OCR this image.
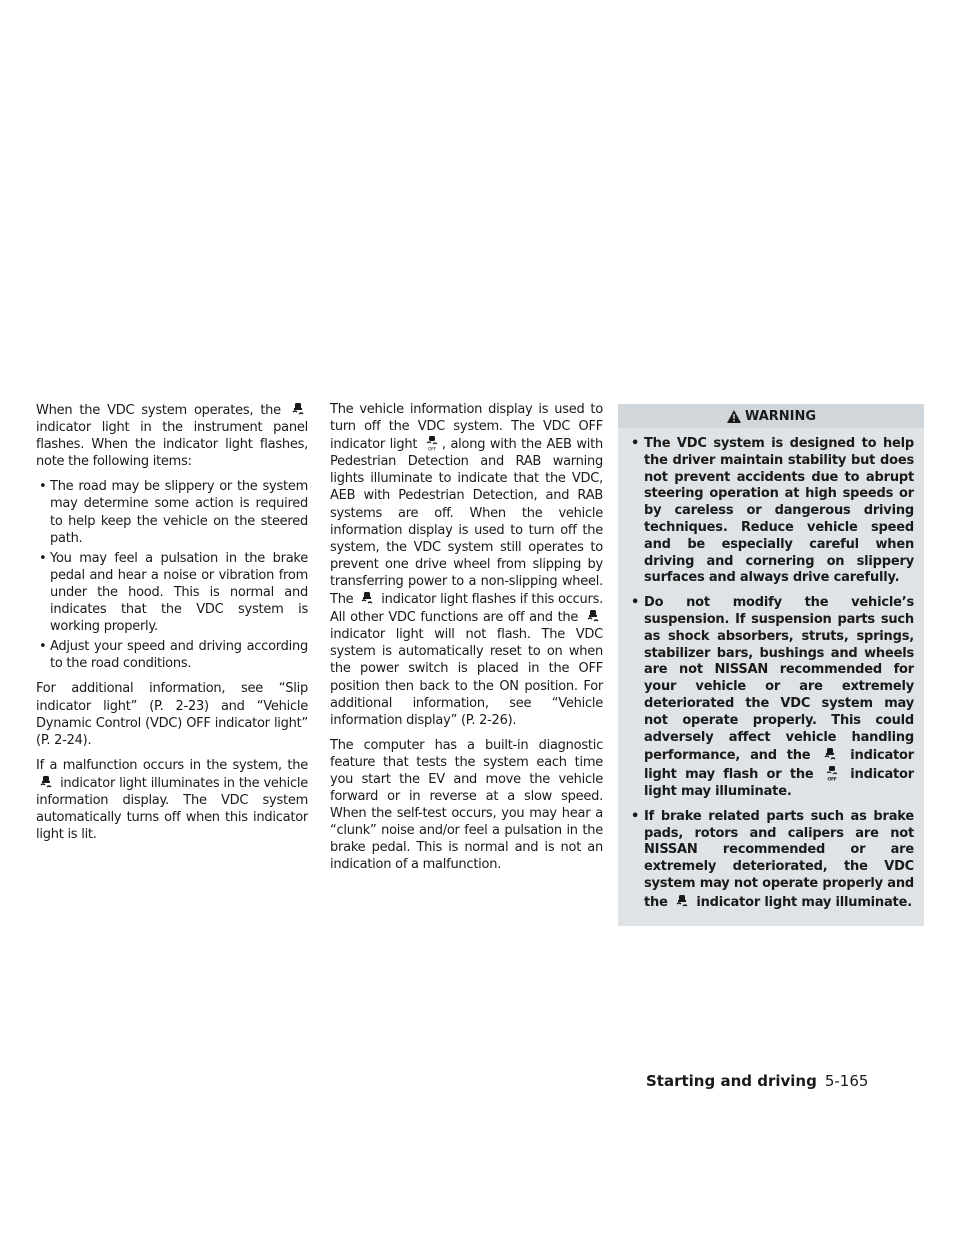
When the VDC system operates, the
indicator light in the instrument panel flashes. When the indicator light flashes, note the following items:

• The road may be slippery or the system may determine some action is required to help keep the vehicle on the steered path.
• You may feel a pulsation in the brake pedal and hear a noise or vibration from under the hood. This is normal and indicates that the VDC system is working properly.
• Adjust your speed and driving according to the road conditions.

For additional information, see “Slip indicator light” (P. 2-23) and “Vehicle Dynamic Control (VDC) OFF indicator light” (P. 2-24).

If a malfunction occurs in the system, the
indicator light illuminates in the vehicle information display. The VDC system automatically turns off when this indicator light is lit.

The vehicle information display is used to turn off the VDC system. The VDC OFF indicator light , along with the AEB with Pedestrian Detection and RAB warning lights illuminate to indicate that the VDC, AEB with Pedestrian Detection, and RAB systems are off. When the vehicle information display is used to turn off the system, the VDC system still operates to prevent one drive wheel from slipping by transferring power to a non-slipping wheel. The indicator light flashes if this occurs. All other VDC functions are off and the
indicator light will not flash. The VDC system is automatically reset to on when the power switch is placed in the OFF position then back to the ON position. For additional information, see “Vehicle information display” (P. 2-26).

The computer has a built-in diagnostic feature that tests the system each time you start the EV and move the vehicle forward or in reverse at a slow speed. When the self-test occurs, you may hear a “clunk” noise and/or feel a pulsation in the brake pedal. This is normal and is not an indication of a malfunction.

WARNING
• The VDC system is designed to help the driver maintain stability but does not prevent accidents due to abrupt steering operation at high speeds or by careless or dangerous driving techniques. Reduce vehicle speed and be especially careful when driving and cornering on slippery surfaces and always drive carefully.
• Do not modify the vehicle’s suspension. If suspension parts such as shock absorbers, struts, springs, stabilizer bars, bushings and wheels are not NISSAN recommended for your vehicle or are extremely deteriorated the VDC system may not operate properly. This could adversely affect vehicle handling performance, and the	indicator light may flash or the	indicator light may illuminate.
• If brake related parts such as brake pads, rotors and calipers are not NISSAN recommended or are extremely deteriorated, the VDC system may not operate properly and the indicator light may illuminate.
Starting and driving 5-165
